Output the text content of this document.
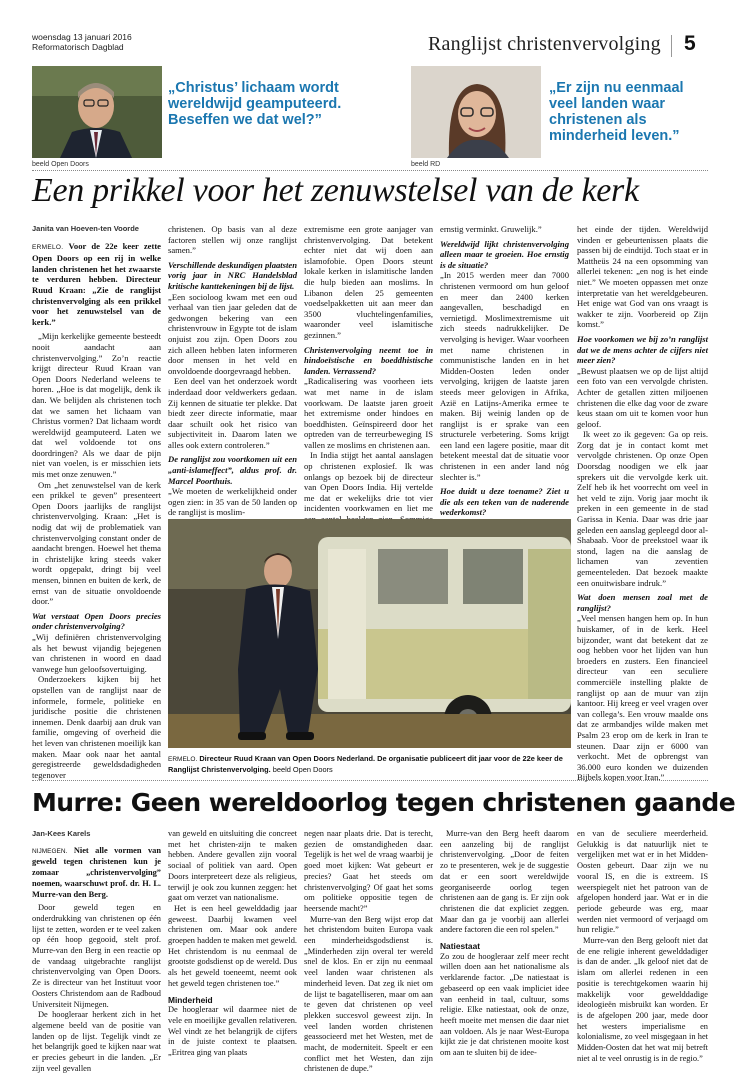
woensdag 13 januari 2016
Reformatorisch Dagblad	Ranglijst christenvervolging 5
„Christus’ lichaam wordt wereldwijd geamputeerd. Beseffen we dat wel?”
beeld Open Doors
„Er zijn nu eenmaal veel landen waar christenen als minderheid leven.”
beeld RD
Een prikkel voor het zenuwstelsel van de kerk
Janita van Hoeven-ten Voorde

ERMELO. Voor de 22e keer zette Open Doors op een rij in welke landen christenen het het zwaarste te verduren hebben. Directeur Ruud Kraan: „Zie de ranglijst christenvervolging als een prikkel voor het zenuwstelsel van de kerk.”

„Mijn kerkelijke gemeente besteedt nooit aandacht aan christenvervolging.” Zo’n reactie krijgt directeur Ruud Kraan van Open Doors Nederland weleens te horen. „Hoe is dat mogelijk, denk ik dan. We belijden als christenen toch dat we samen het lichaam van Christus vormen? Dat lichaam wordt wereldwijd geamputeerd. Laten we dat wel voldoende tot ons doordringen? Als we daar de pijn niet van voelen, is er misschien iets mis met onze zenuwen.”

Om „het zenuwstelsel van de kerk een prikkel te geven” presenteert Open Doors jaarlijks de ranglijst christenvervolging. Kraan: „Het is nodig dat wij de problematiek van christenvervolging constant onder de aandacht brengen. Hoewel het thema in christelijke kring steeds vaker wordt opgepakt, dringt bij veel mensen, binnen en buiten de kerk, de ernst van de situatie onvoldoende door.”

Wat verstaat Open Doors precies onder christenvervolging?

„Wij definiëren christenvervolging als het bewust vijandig bejegenen van christenen in woord en daad vanwege hun geloofsovertuiging.

Onderzoekers kijken bij het opstellen van de ranglijst naar de informele, formele, politieke en juridische positie die christenen innemen. Denk daarbij aan druk van familie, omgeving of overheid die het leven van christenen moeilijk kan maken. Maar ook naar het aantal geregistreerde geweldsdadigheden tegenover

christenen. Op basis van al deze factoren stellen wij onze ranglijst samen.”

Verschillende deskundigen plaatsten vorig jaar in NRC Handelsblad kritische kanttekeningen bij de lijst.

„Een socioloog kwam met een oud verhaal van tien jaar geleden dat de gedwongen bekering van een christenvrouw in Egypte tot de islam onjuist zou zijn. Open Doors zou zich alleen hebben laten informeren door mensen in het veld en onvoldoende doorgevraagd hebben.

Een deel van het onderzoek wordt inderdaad door veldwerkers gedaan. Zij kennen de situatie ter plekke. Dat biedt zeer directe informatie, maar daar schuilt ook het risico van subjectiviteit in. Daarom laten we alles ook extern controleren.”

De ranglijst zou voortkomen uit een „anti-islameffect”, aldus prof. dr. Marcel Poorthuis.

„We moeten de werkelijkheid onder ogen zien: in 35 van de 50 landen op de ranglijst is moslim-

extremisme een grote aanjager van christenvervolging. Dat betekent echter niet dat wij doen aan islamofobie. Open Doors steunt lokale kerken in islamitische landen die hulp bieden aan moslims. In Libanon delen 25 gemeenten voedselpakketten uit aan meer dan 3500 vluchtelingenfamilies, waaronder veel islamitische gezinnen.”

Christenvervolging neemt toe in hindoeïstische en boeddhistische landen. Verrassend?

„Radicalisering was voorheen iets wat met name in de islam voorkwam. De laatste jaren groeit het extremisme onder hindoes en boeddhisten. Geïnspireerd door het optreden van de terreurbeweging IS vallen ze moslims en christenen aan.

In India stijgt het aantal aanslagen op christenen explosief. Ik was onlangs op bezoek bij de directeur van Open Doors India. Hij vertelde me dat er wekelijks drie tot vier incidenten voorkwamen en liet me

ernstig verminkt. Gruwelijk.”

Wereldwijd lijkt christenvervolging alleen maar te groeien. Hoe ernstig is de situatie?

„In 2015 werden meer dan 7000 christenen vermoord om hun geloof en meer dan 2400 kerken aangevallen, beschadigd en vernietigd. Moslimextremisme uit zich steeds nadrukkelijker. De vervolging is heviger. Waar voorheen met name christenen in communistische landen en in het Midden-Oosten leden onder vervolging, krijgen de laatste jaren steeds meer gelovigen in Afrika, Azië en Latijns-Amerika ermee te maken. Bij weinig landen op de ranglijst is er sprake van een structurele verbetering. Soms krijgt een land een lagere positie, maar dit betekent meestal dat de situatie voor christenen in een ander land nóg slechter is.”

Hoe duidt u deze toename? Ziet u die als een teken van de naderende wederkomst?

het einde der tijden. Wereldwijd vinden er gebeurtenissen plaats die passen bij de eindtijd. Toch staat er in Mattheüs 24 na een opsomming van allerlei tekenen: „en nog is het einde niet.” We moeten oppassen met onze interpretatie van het wereldgebeuren. Het enige wat God van ons vraagt is wakker te zijn. Voorbereid op Zijn komst.”

Hoe voorkomen we bij zo’n ranglijst dat we de mens achter de cijfers niet meer zien?

„Bewust plaatsen we op de lijst altijd een foto van een vervolgde christen. Achter de getallen zitten miljoenen christenen die elke dag voor de zware keus staan om uit te komen voor hun geloof.

Ik weet zo ik gegeven: Ga op reis. Zorg dat je in contact komt met vervolgde christenen. Op onze Open Doorsdag noodigen we elk jaar sprekers uit die vervolgde kerk uit. Zelf heb ik het voorrecht om veel in het veld te zijn. Vorig jaar mocht ik preken in een gemeente in de stad Garissa in Kenia. Daar was drie jaar geleden een aanslag gepleegd door al-Shabaab. Voor de preekstoel waar ik stond, lagen na die aanslag de lichamen van zeventien gemeenteleden. Dat bezoek maakte een onuitwisbare indruk.”

Wat doen mensen zoal met de ranglijst?

„Veel mensen hangen hem op. In hun huiskamer, of in de kerk. Heel bijzonder, want dat betekent dat ze oog hebben voor het lijden van hun broeders en zusters. Een financieel directeur van een seculiere commerciële instelling plakte de ranglijst op aan de muur van zijn kantoor. Hij kreeg er veel vragen over van collega’s. Een vrouw maalde ons dat ze armbandjes wilde maken met Psalm 23 erop om de kerk in Iran te steunen. Daar zijn er 6000 van verkocht. Met de opbrengst van 36.000 euro konden we duizenden Bijbels kopen voor Iran.”

ERMELO. Directeur Ruud Kraan van Open Doors Nederland. De organisatie publiceert dit jaar voor de 22e keer de Ranglijst Christenvervolging. beeld Open Doors
Murre: Geen wereldoorlog tegen christenen gaande
Jan-Kees Karels

NIJMEGEN. Niet alle vormen van geweld tegen christenen kun je zomaar „christenvervolging” noemen, waarschuwt prof. dr. H. L. Murre-van den Berg.

Door geweld tegen en onderdrukking van christenen op één lijst te zetten, worden er te veel zaken op één hoop gegooid, stelt prof. Murre-van den Berg in een reactie op de vandaag uitgebrachte ranglijst christenvervolging van Open Doors. Ze is directeur van het Instituut voor Oosters Christendom aan de Radboud Universiteit Nijmegen.

De hoogleraar herkent zich in het algemene beeld van de positie van landen op de lijst. Tegelijk vindt ze het belangrijk goed te kijken naar wat er precies gebeurt in die landen. „Er zijn veel gevallen

van geweld en uitsluiting die concreet met het christen-zijn te maken hebben. Andere gevallen zijn vooral sociaal of politiek van aard. Open Doors interpreteert deze als religieus, terwijl je ook zou kunnen zeggen: het gaat om verzet van nationalisme.

Het is een heel gewelddadig jaar geweest. Daarbij kwamen veel christenen om. Maar ook andere groepen hadden te maken met geweld. Het christendom is nu eenmaal de grootste godsdienst op de wereld. Dus als het geweld toeneemt, neemt ook het geweld tegen christenen toe.”

Minderheid

De hoogleraar wil daarmee niet de vele en moeilijke gevallen relativeren. Wel vindt ze het belangrijk de cijfers in de juiste context te plaatsen. „Eritrea ging van plaats

negen naar plaats drie. Dat is terecht, gezien de omstandigheden daar. Tegelijk is het wel de vraag waarbij je goed moet kijken: Wat gebeurt er precies? Gaat het steeds om christenvervolging? Of gaat het soms om politieke oppositie tegen de heersende macht?”

Murre-van den Berg wijst erop dat het christendom buiten Europa vaak een minderheidsgodsdienst is. „Minderheden zijn overal ter wereld snel de klos. En er zijn nu eenmaal veel landen waar christenen als minderheid leven. Dat zeg ik niet om de lijst te bagatelliseren, maar om aan te geven dat christenen op veel plekken succesvol geweest zijn. In veel landen worden christenen geassocieerd met het Westen, met de macht, de moderniteit. Speelt er een conflict met het Westen, dan zijn christenen de dupe.”

Murre-van den Berg heeft daarom een aanzeling bij de ranglijst christenvervolging. „Door de feiten zo te presenteren, wek je de suggestie dat er een soort wereldwijde georganiseerde oorlog tegen christenen aan de gang is. Er zijn ook christenen die dat expliciet zeggen. Maar dan ga je voorbij aan allerlei andere factoren die een rol spelen.”

Natiestaat

Zo zou de hoogleraar zelf meer recht willen doen aan het nationalisme als verklarende factor. „De natiestaat is gebaseerd op een vaak impliciet idee van eenheid in taal, cultuur, soms religie. Elke natiestaat, ook de onze, heeft moeite met mensen die daar niet aan voldoen. Als je naar West-Europa kijkt zie je dat christenen mooite kost om aan te sluiten bij de idee-

en van de seculiere meerderheid. Gelukkig is dat natuurlijk niet te vergelijken met wat er in het Midden-Oosten gebeurt. Daar zijn we nu vooral IS, en die is extreem. IS weerspiegelt niet het patroon van de afgelopen honderd jaar. Wat er in die periode gebeurde was erg, maar werden niet vermoord of verjaagd om hun religie.”

Murre-van den Berg gelooft niet dat de ene religie inherent gewelddadiger is dan de ander. „Ik geloof niet dat de islam om allerlei redenen in een positie is terechtgekomen waarin hij makkelijk voor gewelddadige ideologieën misbruikt kan worden. Er is de afgelopen 200 jaar, mede door het westers imperialisme en kolonialisme, zo veel misgegaan in het Midden-Oosten dat het wat mij betreft niet al te veel onrustig is in de regio.”
